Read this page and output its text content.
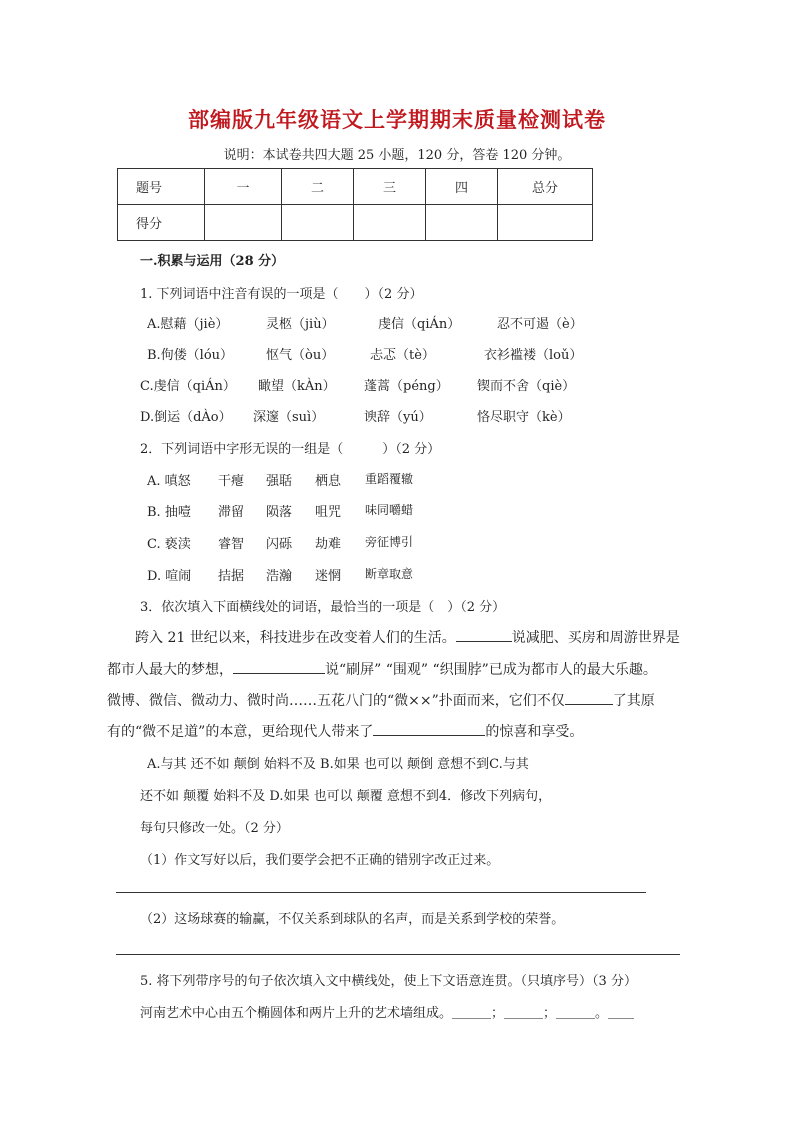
部编版九年级语文上学期期末质量检测试卷
说明：本试卷共四大题 25 小题，120 分，答卷 120 分钟。
题号	一	二	三	四	总分
得分					
一.积累与运用（28 分）
1. 下列词语中注音有误的一项是（　　）（2 分）
A.慰藉（jiè）	灵柩（jiù）	虔信（qiÁn）	忍不可遏（è）
B.佝偻（lóu）	怄气（òu）	忐忑（tè）	衣衫褴褛（loǔ）
C.虔信（qiÁn） 瞰望（kÀn） 蓬蒿（péng） 锲而不舍（qiè）
D.倒运（dÀo） 深邃（suì）	谀辞（yú）	恪尽职守（kè）
2．下列词语中字形无误的一组是（　　　）（2 分）
A. 嗔怒 干瘪 强聒 栖息 重蹈覆辙
B. 抽噎 滞留 陨落 咀咒 味同嚼蜡
C. 亵渎 睿智 闪砾 劫难 旁征博引
D. 喧闹 拮据 浩瀚 迷惘 断章取意
3．依次填入下面横线处的词语，最恰当的一项是（　）（2 分）
跨入 21 世纪以来，科技进步在改变着人们的生活。	说减肥、买房和周游世界是
都市人最大的梦想，	说“刷屏” “围观” “织围脖”已成为都市人的最大乐趣。
微博、微信、微动力、微时尚……五花八门的“微××”扑面而来，它们不仅	了其原
有的“微不足道”的本意，更给现代人带来了	的惊喜和享受。
A.与其 还不如 颠倒 始料不及 B.如果 也可以 颠倒 意想不到C.与其
还不如 颠覆 始料不及 D.如果 也可以 颠覆 意想不到4．修改下列病句，
每句只修改一处。（2 分）
（1）作文写好以后，我们要学会把不正确的错别字改正过来。
（2）这场球赛的输赢，不仅关系到球队的名声，而是关系到学校的荣誉。
5. 将下列带序号的句子依次填入文中横线处，使上下文语意连贯。（只填序号）（3 分）
河南艺术中心由五个椭圆体和两片上升的艺术墙组成。＿＿＿；＿＿＿；＿＿＿。＿＿
